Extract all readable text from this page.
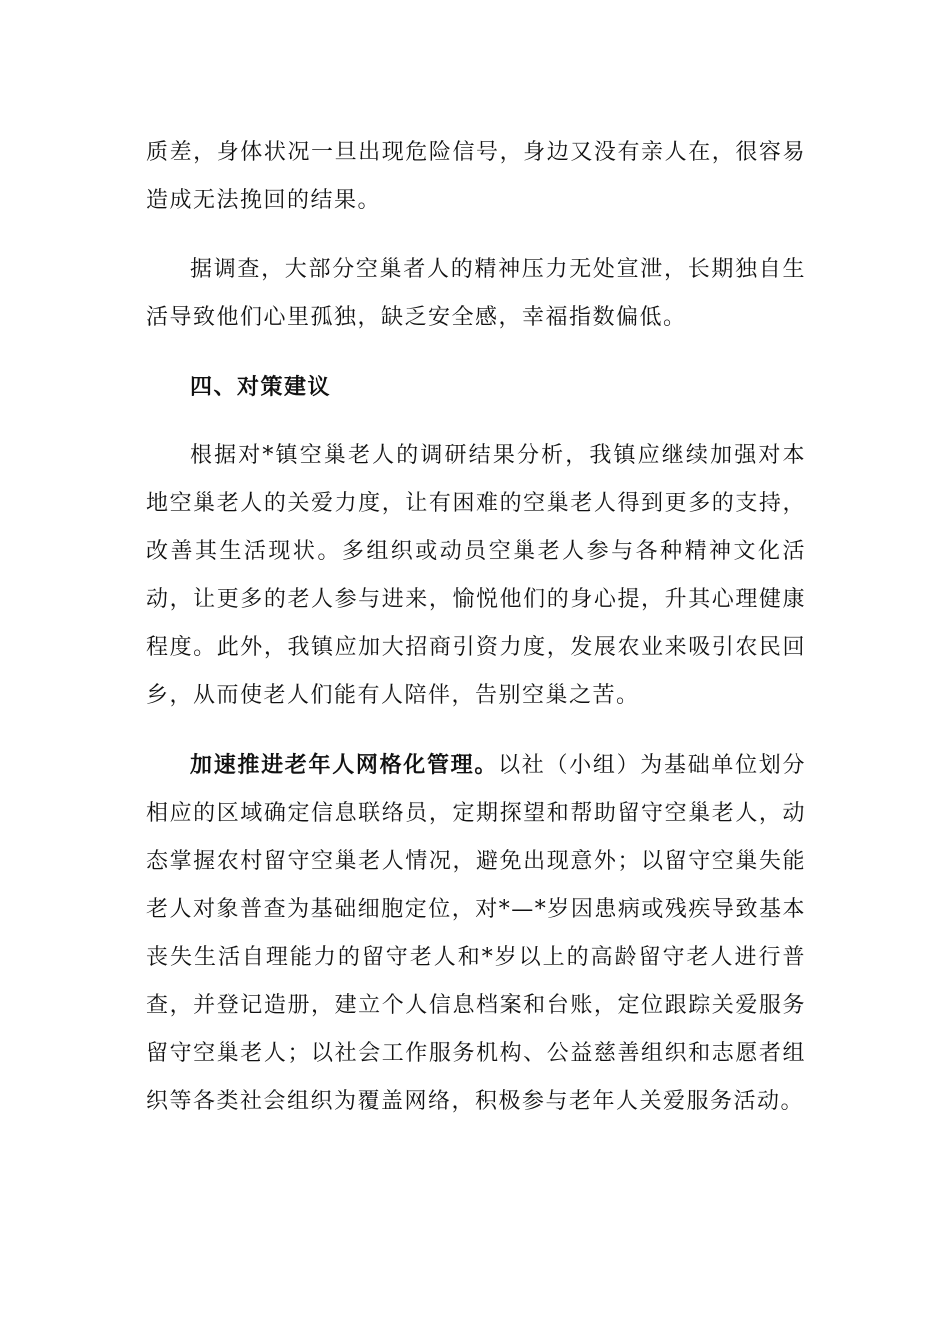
质差，身体状况一旦出现危险信号，身边又没有亲人在，很容易造成无法挽回的结果。

据调查，大部分空巢者人的精神压力无处宣泄，长期独自生活导致他们心里孤独，缺乏安全感，幸福指数偏低。

四、对策建议

根据对*镇空巢老人的调研结果分析，我镇应继续加强对本地空巢老人的关爱力度，让有困难的空巢老人得到更多的支持，改善其生活现状。多组织或动员空巢老人参与各种精神文化活动，让更多的老人参与进来，愉悦他们的身心提，升其心理健康程度。此外，我镇应加大招商引资力度，发展农业来吸引农民回乡，从而使老人们能有人陪伴，告别空巢之苦。

加速推进老年人网格化管理。以社（小组）为基础单位划分相应的区域确定信息联络员，定期探望和帮助留守空巢老人，动态掌握农村留守空巢老人情况，避免出现意外；以留守空巢失能老人对象普查为基础细胞定位，对*—*岁因患病或残疾导致基本丧失生活自理能力的留守老人和*岁以上的高龄留守老人进行普查，并登记造册，建立个人信息档案和台账，定位跟踪关爱服务留守空巢老人；以社会工作服务机构、公益慈善组织和志愿者组织等各类社会组织为覆盖网络，积极参与老年人关爱服务活动。
